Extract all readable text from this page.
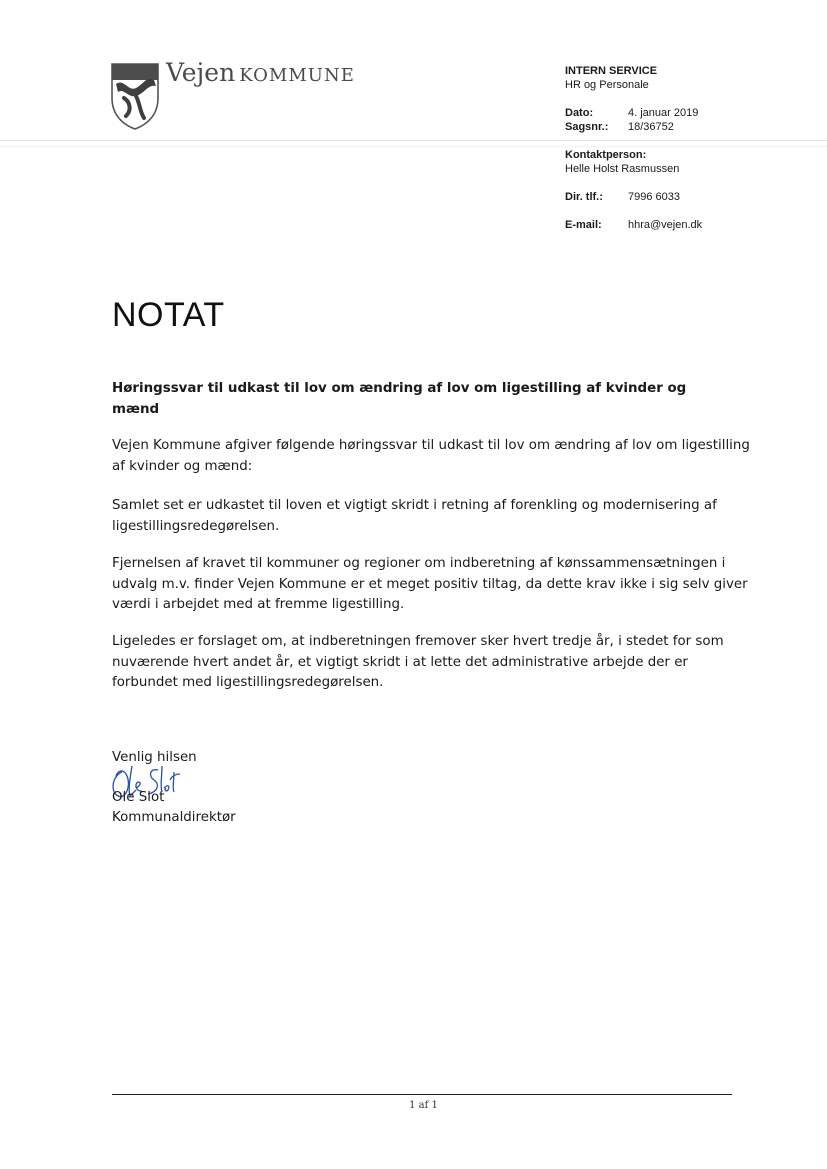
Vejen KOMMUNE	INTERN SERVICE
HR og Personale
Dato:	4. januar 2019
Sagsnr.: 18/36752
Kontaktperson:
Helle Holst Rasmussen
Dir. tlf.: 7996 6033
E-mail: hhra@vejen.dk
NOTAT
Høringssvar til udkast til lov om ændring af lov om ligestilling af kvinder og mænd
Vejen Kommune afgiver følgende høringssvar til udkast til lov om ændring af lov om ligestilling af kvinder og mænd:
Samlet set er udkastet til loven et vigtigt skridt i retning af forenkling og modernisering af ligestillingsredegørelsen.
Fjernelsen af kravet til kommuner og regioner om indberetning af kønssammensætningen i udvalg m.v. finder Vejen Kommune er et meget positiv tiltag, da dette krav ikke i sig selv giver værdi i arbejdet med at fremme ligestilling.
Ligeledes er forslaget om, at indberetningen fremover sker hvert tredje år, i stedet for som nuværende hvert andet år, et vigtigt skridt i at lette det administrative arbejde der er forbundet med ligestillingsredegørelsen.
Venlig hilsen
Ole Slot
Kommunaldirektør
1 af 1
